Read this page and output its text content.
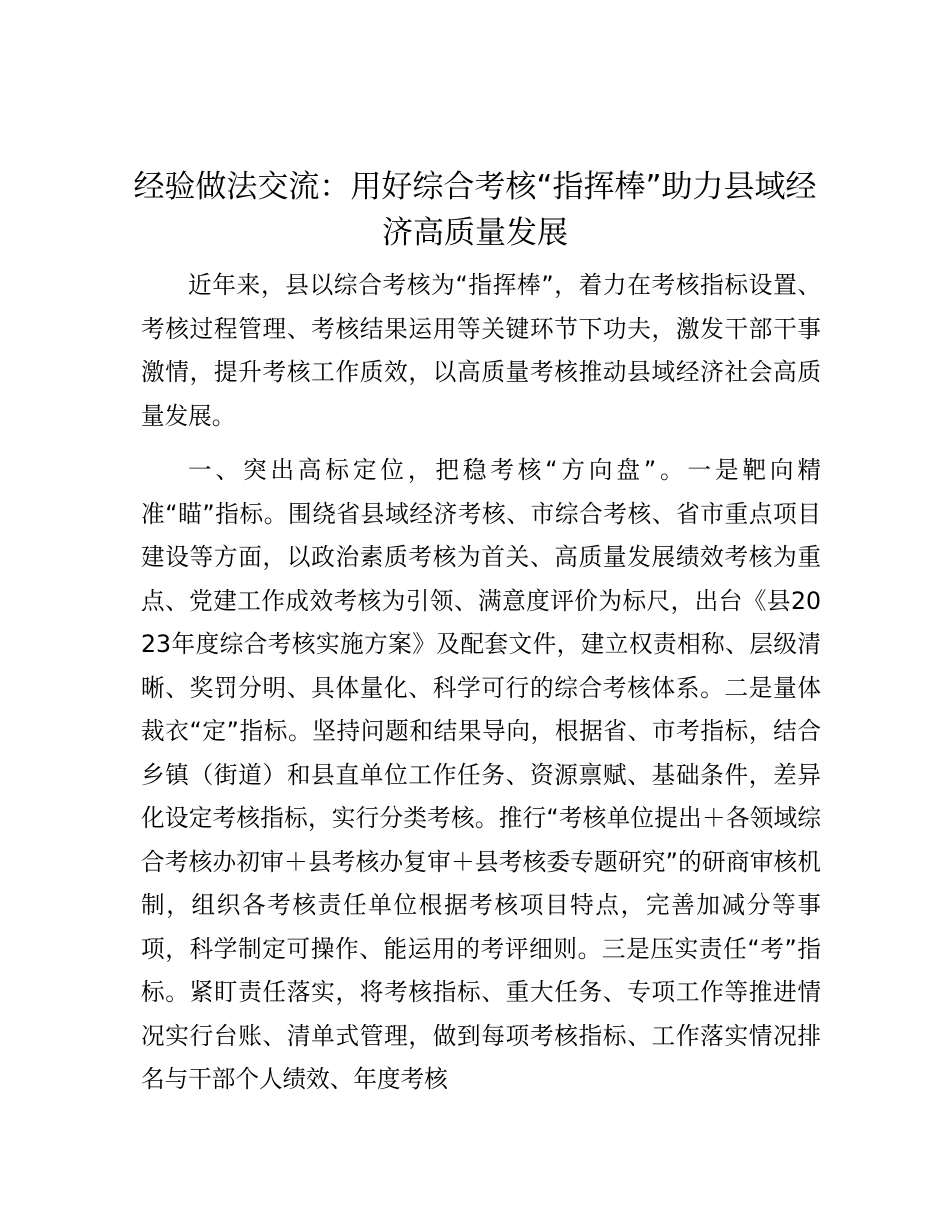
经验做法交流：用好综合考核“指挥棒”助力县域经济高质量发展

近年来，县以综合考核为“指挥棒”，着力在考核指标设置、考核过程管理、考核结果运用等关键环节下功夫，激发干部干事激情，提升考核工作质效，以高质量考核推动县域经济社会高质量发展。

一、突出高标定位，把稳考核“方向盘”。一是靶向精准“瞄”指标。围绕省县域经济考核、市综合考核、省市重点项目建设等方面，以政治素质考核为首关、高质量发展绩效考核为重点、党建工作成效考核为引领、满意度评价为标尺，出台《县2023年度综合考核实施方案》及配套文件，建立权责相称、层级清晰、奖罚分明、具体量化、科学可行的综合考核体系。二是量体裁衣“定”指标。坚持问题和结果导向，根据省、市考指标，结合乡镇（街道）和县直单位工作任务、资源禀赋、基础条件，差异化设定考核指标，实行分类考核。推行“考核单位提出＋各领域综合考核办初审＋县考核办复审＋县考核委专题研究”的研商审核机制，组织各考核责任单位根据考核项目特点，完善加减分等事项，科学制定可操作、能运用的考评细则。三是压实责任“考”指标。紧盯责任落实，将考核指标、重大任务、专项工作等推进情况实行台账、清单式管理，做到每项考核指标、工作落实情况排名与干部个人绩效、年度考核
